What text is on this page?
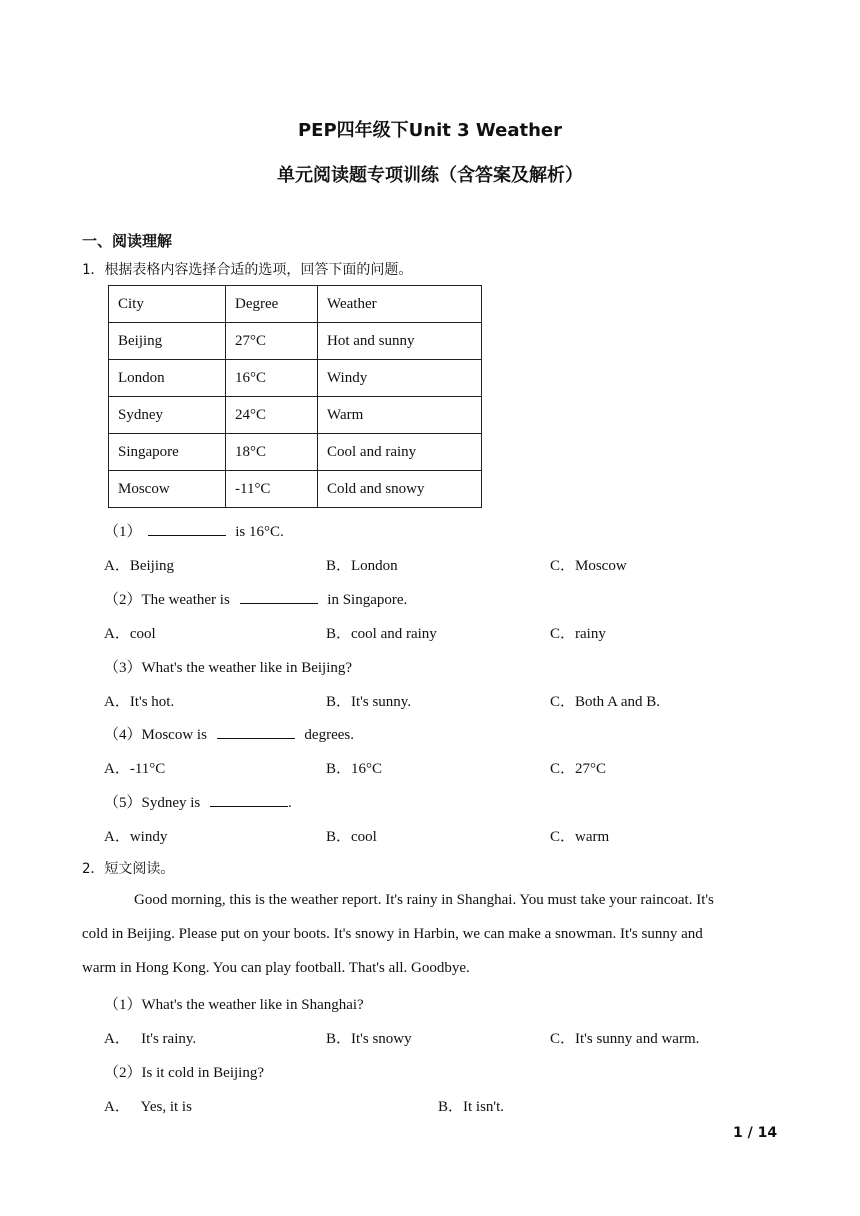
PEP四年级下Unit 3 Weather
单元阅读题专项训练（含答案及解析）
一、阅读理解
1．根据表格内容选择合适的选项，回答下面的问题。
City	Degree	Weather
Beijing	27°C	Hot and sunny
London	16°C	Windy
Sydney	24°C	Warm
Singapore	18°C	Cool and rainy
Moscow	-11°C	Cold and snowy
（1）	is 16°C.
A．Beijing	B．London	C．Moscow
（2）The weather is	in Singapore.
A．cool	B．cool and rainy	C．rainy
（3）What's the weather like in Beijing?
A．It's hot.	B．It's sunny.	C．Both A and B.
（4）Moscow is	degrees.
A．-11°C	B．16°C	C．27°C
（5）Sydney is	.
A．windy	B．cool	C．warm
2．短文阅读。

Good morning, this is the weather report. It's rainy in Shanghai. You must take your raincoat. It's

cold in Beijing. Please put on your boots. It's snowy in Harbin, we can make a snowman. It's sunny and

warm in Hong Kong. You can play football. That's all. Goodbye.

（1）What's the weather like in Shanghai?
A．　 It's rainy.	B．It's snowy	C．It's sunny and warm.
（2）Is it cold in Beijing?
A．　 Yes, it is	B．It isn't.
1 / 14
